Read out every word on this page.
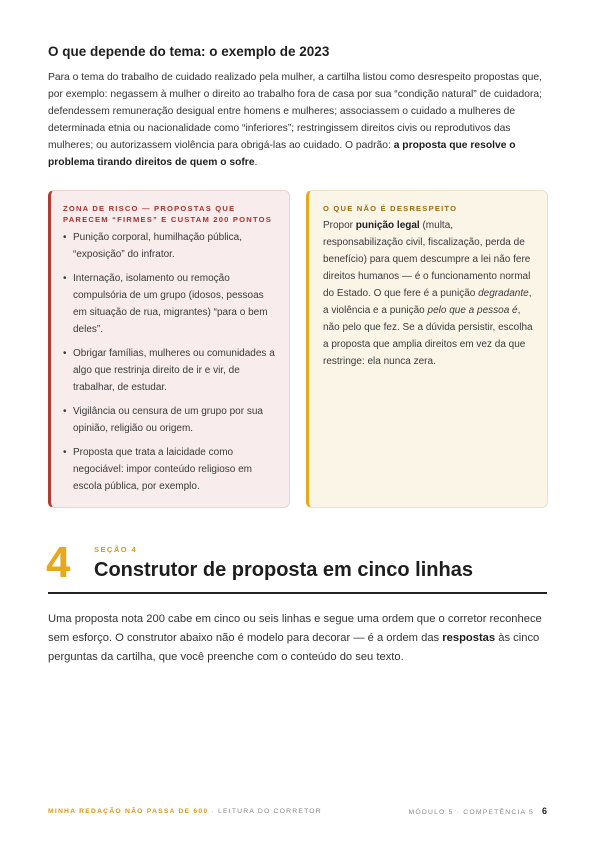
O que depende do tema: o exemplo de 2023

Para o tema do trabalho de cuidado realizado pela mulher, a cartilha listou como desrespeito propostas que, por exemplo: negassem à mulher o direito ao trabalho fora de casa por sua “condição natural” de cuidadora; defendessem remuneração desigual entre homens e mulheres; associassem o cuidado a mulheres de determinada etnia ou nacionalidade como “inferiores”; restringissem direitos civis ou reprodutivos das mulheres; ou autorizassem violência para obrigá-las ao cuidado. O padrão: a proposta que resolve o problema tirando direitos de quem o sofre.

ZONA DE RISCO — PROPOSTAS QUE PARECEM “FIRMES” E CUSTAM 200 PONTOS
• Punição corporal, humilhação pública, “exposição” do infrator.
• Internação, isolamento ou remoção compulsória de um grupo (idosos, pessoas em situação de rua, migrantes) “para o bem deles”.
• Obrigar famílias, mulheres ou comunidades a algo que restrinja direito de ir e vir, de trabalhar, de estudar.
• Vigilância ou censura de um grupo por sua opinião, religião ou origem.
• Proposta que trata a laicidade como negociável: impor conteúdo religioso em escola pública, por exemplo.
O QUE NÃO É DESRESPEITO

Propor punição legal (multa, responsabilização civil, fiscalização, perda de benefício) para quem descumpre a lei não fere direitos humanos — é o funcionamento normal do Estado. O que fere é a punição degradante, a violência e a punição pelo que a pessoa é, não pelo que fez. Se a dúvida persistir, escolha a proposta que amplia direitos em vez da que restringe: ela nunca zera.

4	SEÇÃO 4
Construtor de proposta em cinco linhas

Uma proposta nota 200 cabe em cinco ou seis linhas e segue uma ordem que o corretor reconhece sem esforço. O construtor abaixo não é modelo para decorar — é a ordem das respostas às cinco perguntas da cartilha, que você preenche com o conteúdo do seu texto.

MINHA REDAÇÃO NÃO PASSA DE 600 · LEITURA DO CORRETOR	MÓDULO 5 · COMPETÊNCIA 5 6
